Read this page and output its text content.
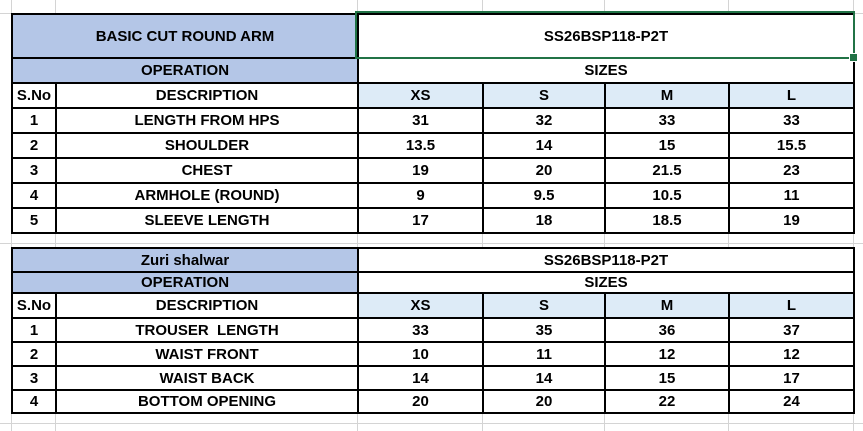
BASIC CUT ROUND ARM		SS26BSP118-P2T			
OPERATION		SIZES			
S.No	DESCRIPTION	XS	S	M	L
1	LENGTH FROM HPS	31	32	33	33
2	SHOULDER	13.5	14	15	15.5
3	CHEST	19	20	21.5	23
4	ARMHOLE (ROUND)	9	9.5	10.5	11
5	SLEEVE LENGTH	17	18	18.5	19
Zuri shalwar		SS26BSP118-P2T			
OPERATION		SIZES			
S.No	DESCRIPTION	XS	S	M	L
1	TROUSER  LENGTH	33	35	36	37
2	WAIST FRONT	10	11	12	12
3	WAIST BACK	14	14	15	17
4	BOTTOM OPENING	20	20	22	24
